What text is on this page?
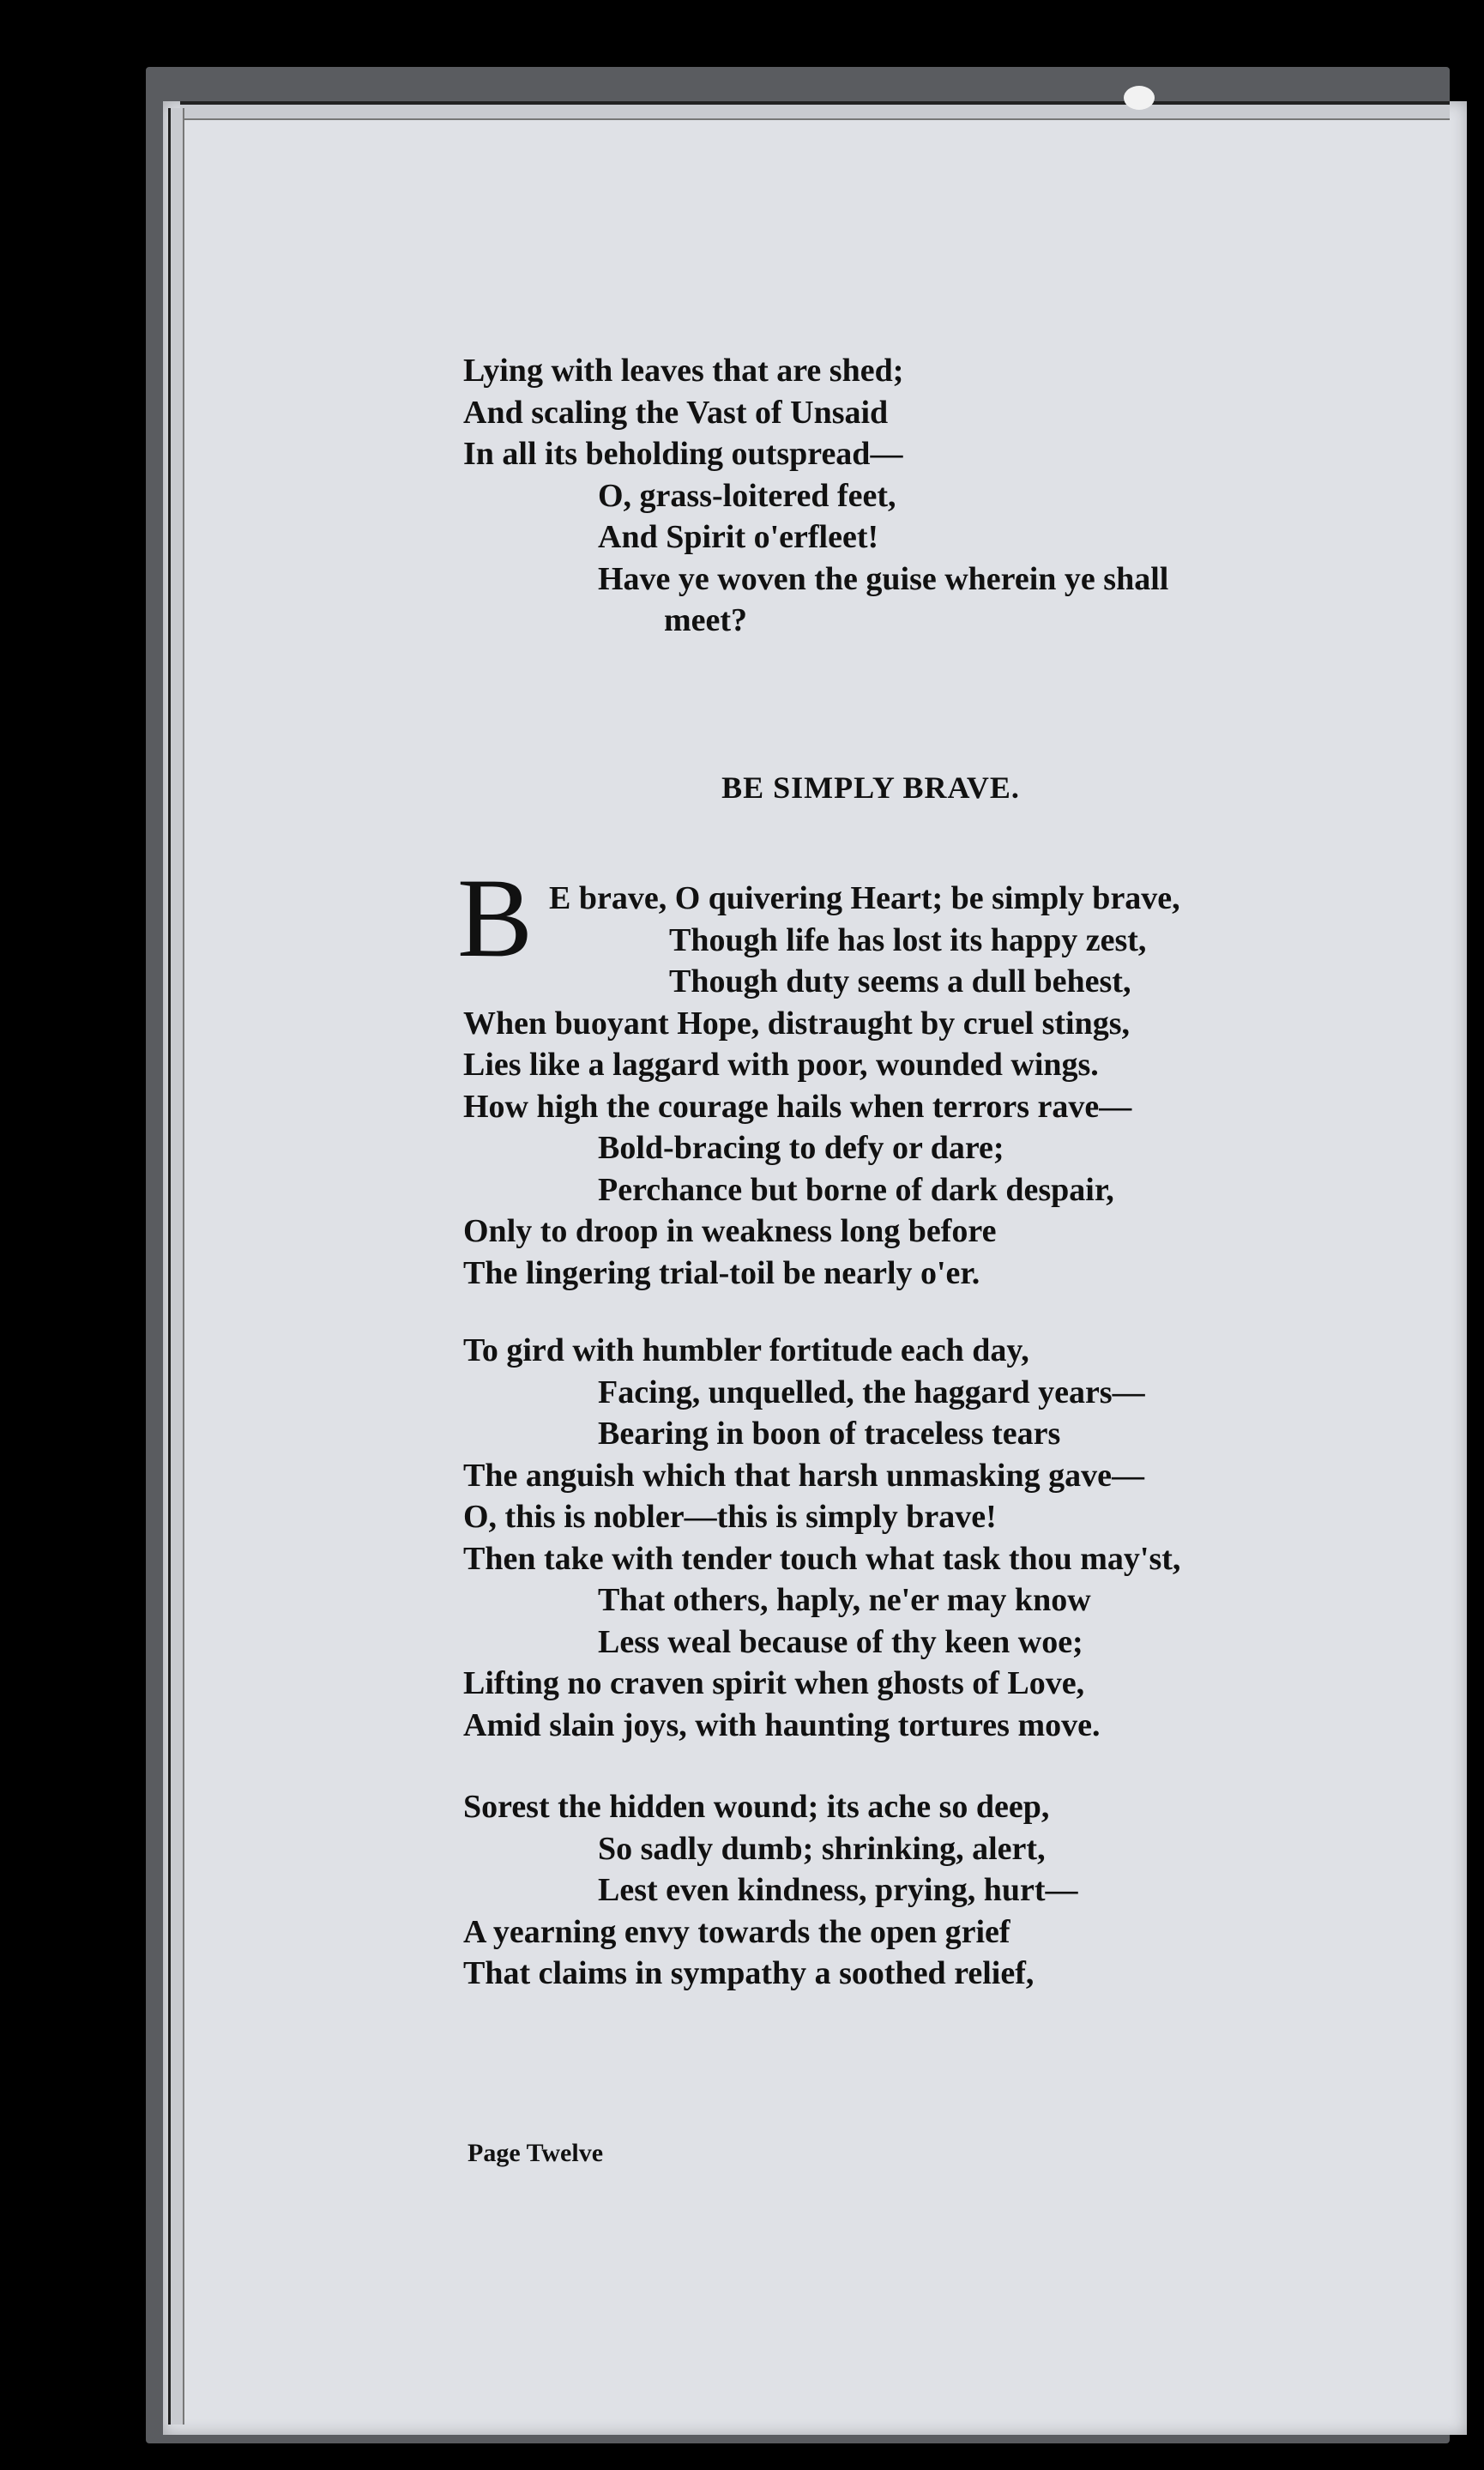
Lying with leaves that are shed;
And scaling the Vast of Unsaid
In all its beholding outspread—
O, grass-loitered feet,
And Spirit o'erfleet!
Have ye woven the guise wherein ye shall
meet?
BE SIMPLY BRAVE.
B E brave, O quivering Heart; be simply brave,
Though life has lost its happy zest,
Though duty seems a dull behest,
When buoyant Hope, distraught by cruel stings,
Lies like a laggard with poor, wounded wings.
How high the courage hails when terrors rave—
Bold-bracing to defy or dare;
Perchance but borne of dark despair,
Only to droop in weakness long before
The lingering trial-toil be nearly o'er.
To gird with humbler fortitude each day,
Facing, unquelled, the haggard years—
Bearing in boon of traceless tears
The anguish which that harsh unmasking gave—
O, this is nobler—this is simply brave!
Then take with tender touch what task thou may'st,
That others, haply, ne'er may know
Less weal because of thy keen woe;
Lifting no craven spirit when ghosts of Love,
Amid slain joys, with haunting tortures move.
Sorest the hidden wound; its ache so deep,
So sadly dumb; shrinking, alert,
Lest even kindness, prying, hurt—
A yearning envy towards the open grief
That claims in sympathy a soothed relief,
Page Twelve
